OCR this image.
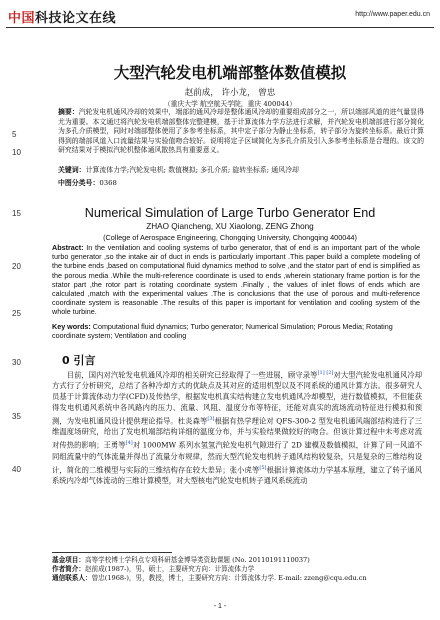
中国科技论文在线	http://www.paper.edu.cn
5
10
15
20
25
30
35
40
大型汽轮发电机端部整体数值模拟
赵前成， 许小龙， 曾忠
（重庆大学 航空航天学院，重庆 400044）
摘要：汽轮发电机通风冷却的效果中，端部的通风冷却是整体通风冷却的重要组成部分之一，所以端部风道的进气量显得尤为重要。本文通过将汽轮发电机端部整体完整建模，基于计算流体力学方法进行求解，并汽轮发电机端部进行部分简化为多孔介质模型，同时对端部整体使用了多参考坐标系，其中定子部分为静止坐标系，转子部分为旋转坐标系。最后计算得到的端部风道入口流量结果与实验值吻合较好。说明将定子区域简化为多孔介质及引入多参考坐标系是合理的。该文的研究结果对于模拟汽轮机整体通风散热具有重要意义。
关键词：计算流体力学;汽轮发电机; 数值模拟; 多孔介质; 旋转坐标系; 通风冷却
中图分类号：0368
Numerical Simulation of Large Turbo Generator End
ZHAO Qiancheng, XU Xiaolong, ZENG Zhong
(College of Aerospace Engineering, Chongqing University, Chongqing 400044)
Abstract: In the ventilation and cooling systems of turbo generator, that of end is an important part of the whole turbo generator ,so the intake air of duct in ends is particularly important .This paper build a complete modeling of the turbine ends ,based on computational fluid dynamics method to solve ,and the stator part of end is simplified as the porous media .While the multi-reference coordinate is used to ends ,wherein stationary frame portion is for the stator part ,the rotor part is rotating coordinate system .Finally , the values of inlet flows of ends which are calculated ,match with the experimental values .The is conclusions that the use of porous and multi-reference coordinate system is reasonable .The results of this paper is important for ventilation and cooling system of the whole turbine.
Key words: Computational fluid dynamics; Turbo generator; Numerical Simulation; Porous Media; Rotating coordinate system; Ventilation and cooling
0 引言
目前，国内对汽轮发电机通风冷却的相关研究已经取得了一些进展，顾守录等[1] [2]对大型汽轮发电机通风冷却方式行了分析研究，总结了各种冷却方式的优缺点及其对应的适用机型以及不同系统的通风计算方法。很多研究人员基于计算流体动力学(CFD)及传热学，根据发电机真实结构建立发电机通风冷却模型，进行数值模拟，不但能获得发电机通风系统中各风路内的压力、流量、风阻、温度分布等特征，还能对真实的流场流动特征进行模拟和预测，为发电机通风设计提供理论指导。杜炎森等[3]根据有热学理论对 QFS-300-2 型发电机通风端部结构进行了三维温度场研究，给出了发电机端部结构详细的温度分布，并与实验结果做较好的吻合。但该计算过程中未考虑对流对传热的影响；王勇等[4]对 1000MW 系列水氢氢汽轮发电机气隙进行了 2D 建模及数值模拟，计算了同一风道不同组流量中的气体流量并得出了流量分布规律，然而大型汽轮发电机转子通风结构较复杂，只是复杂的三维结构设计，简化的二维模型与实际的三维结构存在较大差异；张小虎等[5]根据计算流体动力学基本原理，建立了转子通风系统内冷却气体流动的三维计算模型，对大型核电汽轮发电机转子通风系统流动
基金项目：高等学校博士学科点专项科研基金博导类资助课题 (No. 20110191110037)
作者简介：赵前成(1987-)，男，硕士，主要研究方向：计算流体力学
通信联系人：曾忠(1968-)，男，教授，博士，主要研究方向：计算流体力学. E-mail: zzeng@cqu.edu.cn
- 1 -
